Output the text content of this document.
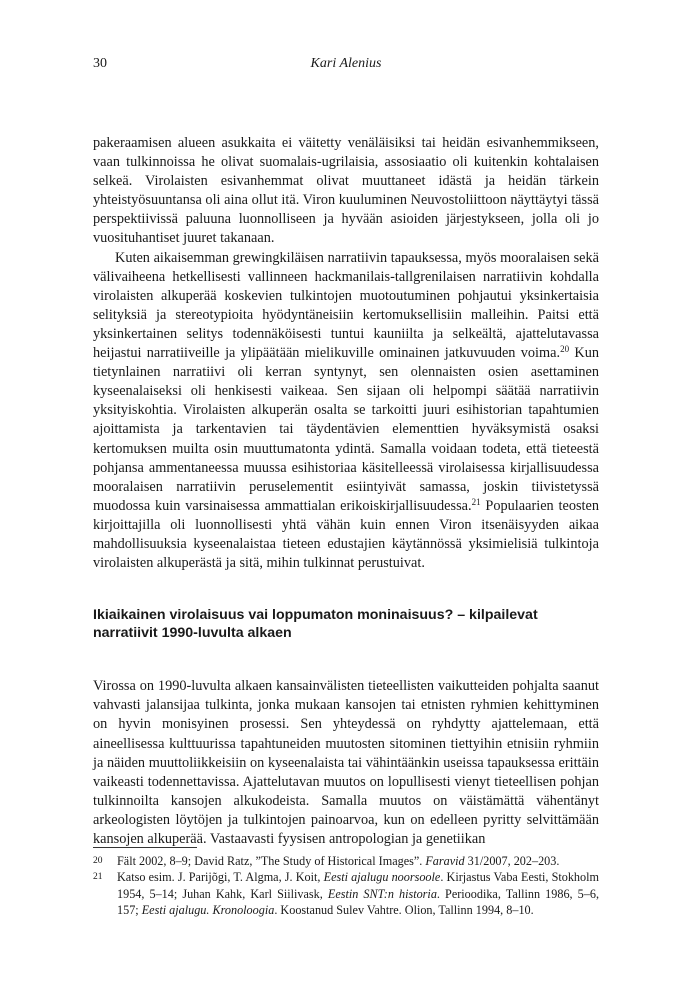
30	Kari Alenius

pakeraamisen alueen asukkaita ei väitetty venäläisiksi tai heidän esivanhemmikseen, vaan tulkinnoissa he olivat suomalais-ugrilaisia, assosiaatio oli kuitenkin kohtalaisen selkeä. Virolaisten esivanhemmat olivat muuttaneet idästä ja heidän tärkein yhteistyösuuntansa oli aina ollut itä. Viron kuuluminen Neuvostoliittoon näyttäytyi tässä perspektiivissä paluuna luonnolliseen ja hyvään asioiden järjestykseen, jolla oli jo vuosituhantiset juuret takanaan.

Kuten aikaisemman grewingkiläisen narratiivin tapauksessa, myös mooralaisen sekä välivaiheena hetkellisesti vallinneen hackmanilais-tallgrenilaisen narratiivin kohdalla virolaisten alkuperää koskevien tulkintojen muotoutuminen pohjautui yksinkertaisia selityksiä ja stereotypioita hyödyntäneisiin kertomuksellisiin malleihin. Paitsi että yksinkertainen selitys todennäköisesti tuntui kauniilta ja selkeältä, ajattelutavassa heijastui narratiiveille ja ylipäätään mielikuville ominainen jatkuvuuden voima.$^{20}$ Kun tietynlainen narratiivi oli kerran syntynyt, sen olennaisten osien asettaminen kyseenalaiseksi oli henkisesti vaikeaa. Sen sijaan oli helpompi säätää narratiivin yksityiskohtia. Virolaisten alkuperän osalta se tarkoitti juuri esihistorian tapahtumien ajoittamista ja tarkentavien tai täydentävien elementtien hyväksymistä osaksi kertomuksen muilta osin muuttumatonta ydintä. Samalla voidaan todeta, että tieteestä pohjansa ammentaneessa muussa esihistoriaa käsitelleessä virolaisessa kirjallisuudessa mooralaisen narratiivin peruselementit esiintyivät samassa, joskin tiivistetyssä muodossa kuin varsinaisessa ammattialan erikoiskirjallisuudessa.$^{21}$ Populaarien teosten kirjoittajilla oli luonnollisesti yhtä vähän kuin ennen Viron itsenäisyyden aikaa mahdollisuuksia kyseenalaistaa tieteen edustajien käytännössä yksimielisiä tulkintoja virolaisten alkuperästä ja sitä, mihin tulkinnat perustuivat.

Ikiaikainen virolaisuus vai loppumaton moninaisuus? – kilpailevat narratiivit 1990-luvulta alkaen

Virossa on 1990-luvulta alkaen kansainvälisten tieteellisten vaikutteiden pohjalta saanut vahvasti jalansijaa tulkinta, jonka mukaan kansojen tai etnisten ryhmien kehittyminen on hyvin monisyinen prosessi. Sen yhteydessä on ryhdytty ajattelemaan, että aineellisessa kulttuurissa tapahtuneiden muutosten sitominen tiettyihin etnisiin ryhmiin ja näiden muuttoliikkeisiin on kyseenalaista tai vähintäänkin useissa tapauksessa erittäin vaikeasti todennettavissa. Ajattelutavan muutos on lopullisesti vienyt tieteellisen pohjan tulkinnoilta kansojen alkukodeista. Samalla muutos on väistämättä vähentänyt arkeologisten löytöjen ja tulkintojen painoarvoa, kun on edelleen pyritty selvittämään kansojen alkuperää. Vastaavasti fyysisen antropologian ja genetiikan

20	Fält 2002, 8–9; David Ratz, ”The Study of Historical Images”. Faravid 31/2007, 202–203.
21	Katso esim. J. Parijõgi, T. Algma, J. Koit, Eesti ajalugu noorsoole. Kirjastus Vaba Eesti, Stokholm 1954, 5–14; Juhan Kahk, Karl Siilivask, Eestin SNT:n historia. Perioodika, Tallinn 1986, 5–6, 157; Eesti ajalugu. Kronoloogia. Koostanud Sulev Vahtre. Olion, Tallinn 1994, 8–10.
